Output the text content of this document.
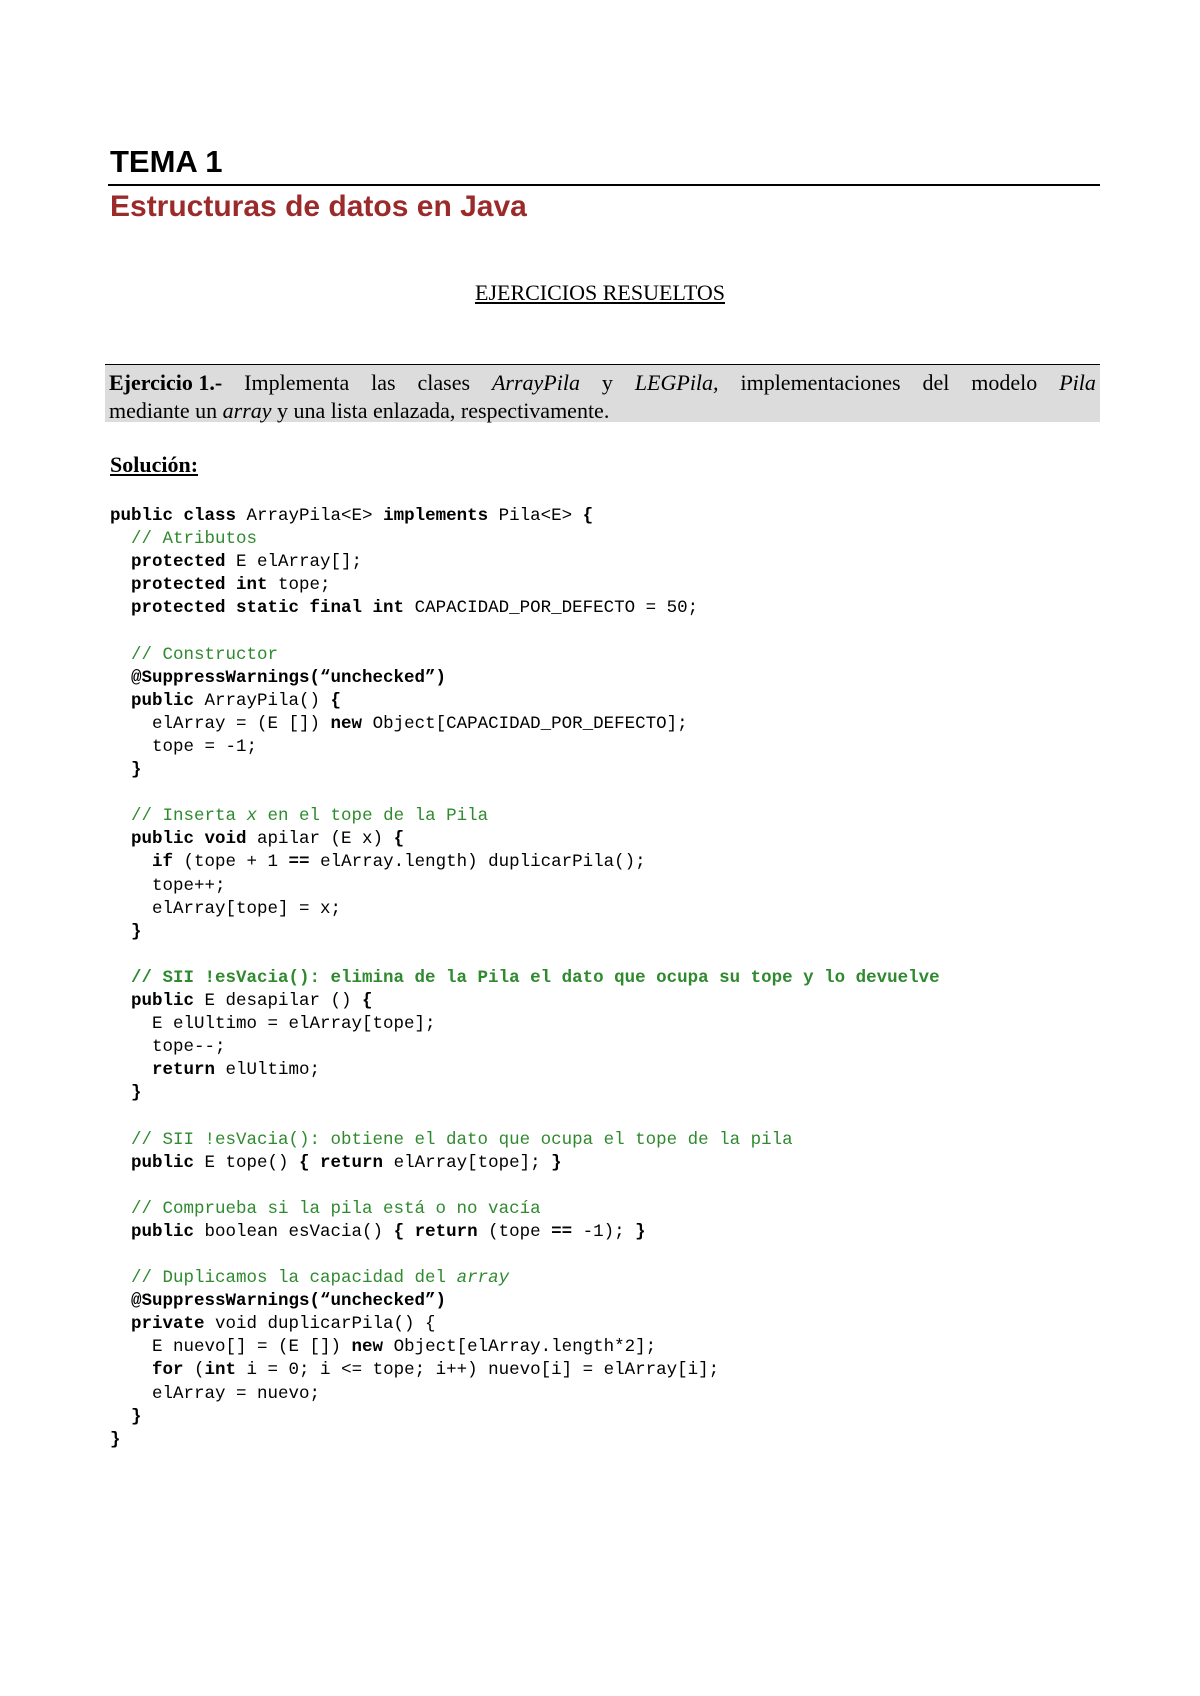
TEMA 1
Estructuras de datos en Java
EJERCICIOS RESUELTOS
Ejercicio 1.- Implementa las clases ArrayPila y LEGPila, implementaciones del modelo Pila
mediante un array y una lista enlazada, respectivamente.
Solución:
public class ArrayPila<E> implements Pila<E> {
// Atributos
protected E elArray[];
protected int tope;
protected static final int CAPACIDAD_POR_DEFECTO = 50;
// Constructor
@SuppressWarnings(“unchecked”)
public ArrayPila() {
elArray = (E []) new Object[CAPACIDAD_POR_DEFECTO];
tope = -1;
}
// Inserta x en el tope de la Pila
public void apilar (E x) {
if (tope + 1 == elArray.length) duplicarPila();
tope++;
elArray[tope] = x;
}
// SII !esVacia(): elimina de la Pila el dato que ocupa su tope y lo devuelve
public E desapilar () {
E elUltimo = elArray[tope];
tope--;
return elUltimo;
}
// SII !esVacia(): obtiene el dato que ocupa el tope de la pila
public E tope() { return elArray[tope]; }
// Comprueba si la pila está o no vacía
public boolean esVacia() { return (tope == -1); }
// Duplicamos la capacidad del array
@SuppressWarnings(“unchecked”)
private void duplicarPila() {
E nuevo[] = (E []) new Object[elArray.length*2];
for (int i = 0; i <= tope; i++) nuevo[i] = elArray[i];
elArray = nuevo;
}
}
